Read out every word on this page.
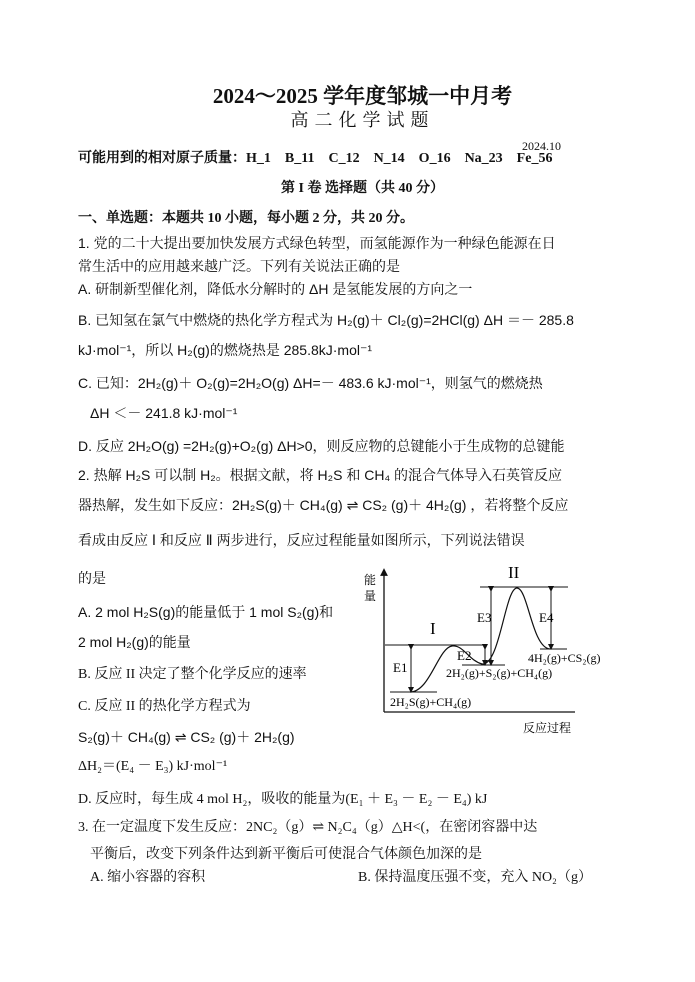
2024～2025 学年度邹城一中月考
高二化学试题
2024.10
可能用到的相对原子质量：H_1　B_11　C_12　N_14　O_16　Na_23　Fe_56
第 I 卷 选择题（共 40 分）
一、单选题：本题共 10 小题，每小题 2 分，共 20 分。
1. 党的二十大提出要加快发展方式绿色转型，而氢能源作为一种绿色能源在日
常生活中的应用越来越广泛。下列有关说法正确的是
A. 研制新型催化剂，降低水分解时的 ΔH 是氢能发展的方向之一
B. 已知氢在氯气中燃烧的热化学方程式为 H₂(g)＋ Cl₂(g)=2HCl(g) ΔH ＝－ 285.8
kJ·mol⁻¹，所以 H₂(g)的燃烧热是 285.8kJ·mol⁻¹
C. 已知：2H₂(g)＋ O₂(g)=2H₂O(g) ΔH=－ 483.6 kJ·mol⁻¹，则氢气的燃烧热
ΔH ＜－ 241.8 kJ·mol⁻¹
D. 反应 2H₂O(g) =2H₂(g)+O₂(g) ΔH>0，则反应物的总键能小于生成物的总键能
2. 热解 H₂S 可以制 H₂。根据文献，将 H₂S 和 CH₄ 的混合气体导入石英管反应
器热解，发生如下反应：2H₂S(g)＋ CH₄(g) ⇌ CS₂ (g)＋ 4H₂(g) ，若将整个反应
看成由反应 Ⅰ 和反应 Ⅱ 两步进行，反应过程能量如图所示，下列说法错误
的是
A. 2 mol H₂S(g)的能量低于 1 mol S₂(g)和
2 mol H₂(g)的能量
B. 反应 II 决定了整个化学反应的速率
C. 反应 II 的热化学方程式为
S₂(g)＋ CH₄(g) ⇌ CS₂ (g)＋ 2H₂(g)
ΔH₂＝(E₄ － E₃) kJ·mol⁻¹
D. 反应时，每生成 4 mol H₂，吸收的能量为(E₁ ＋ E₃ － E₂ － E₄) kJ
能
量
反应过程
I
II
E1
E2
E3	E4
2H₂S(g)+CH₄(g)
2H₂(g)+S₂(g)+CH₄(g)
4H₂(g)+CS₂(g)
3. 在一定温度下发生反应：2NC₂（g）⇌ N₂C₄（g）△H<(，在密闭容器中达
平衡后，改变下列条件达到新平衡后可使混合气体颜色加深的是
A. 缩小容器的容积	B. 保持温度压强不变，充入 NO₂（g）
